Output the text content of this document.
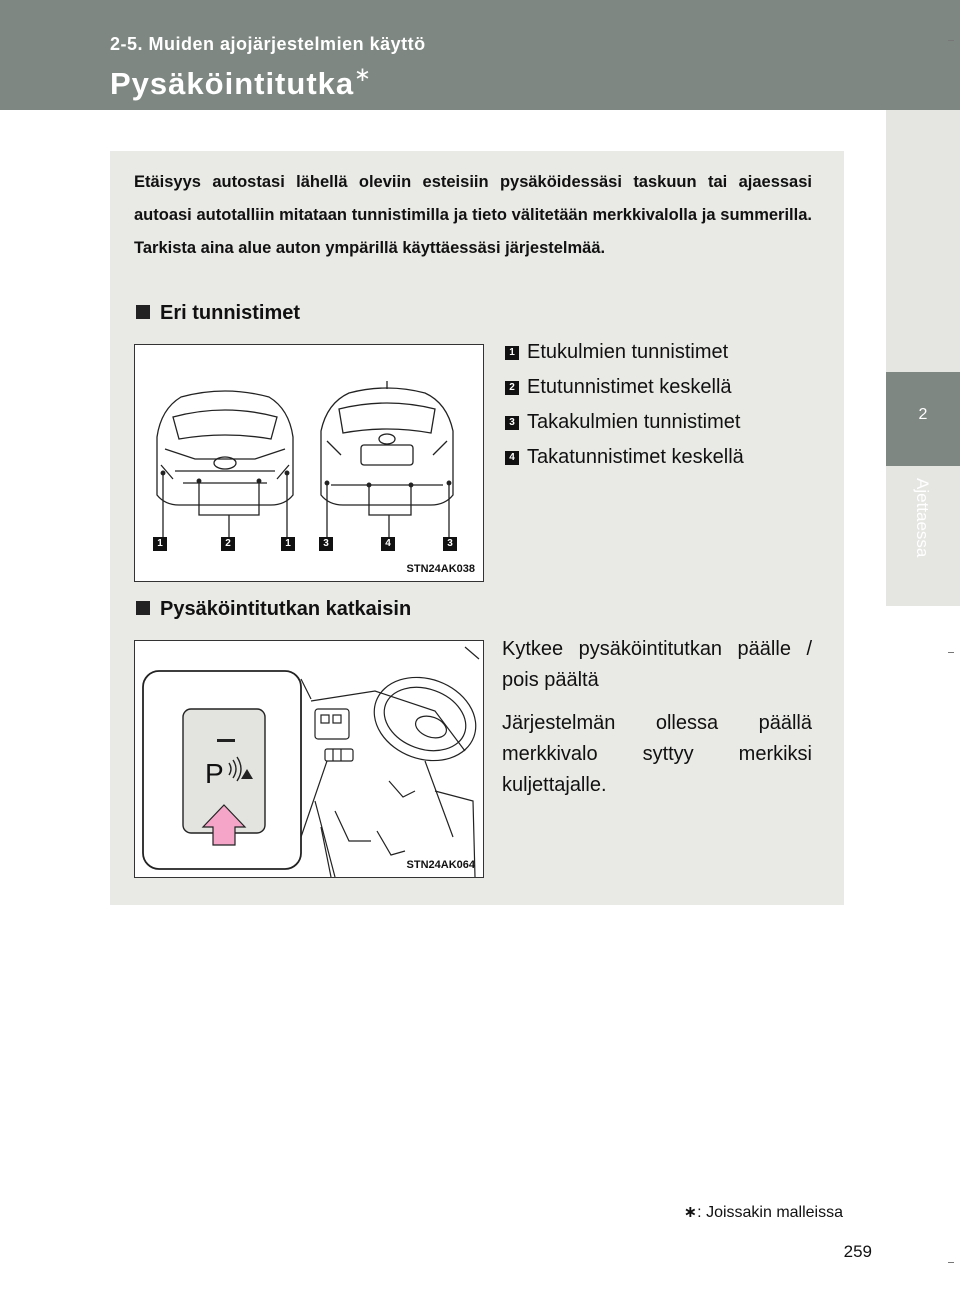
2-5. Muiden ajojärjestelmien käyttö
Pysäköintitutka∗
2
Ajettaessa
Etäisyys autostasi lähellä oleviin esteisiin pysäköidessäsi taskuun tai ajaessasi autoasi autotalliin mitataan tunnistimilla ja tieto välitetään merkkivalolla ja summerilla. Tarkista aina alue auton ympärillä käyttäessäsi järjestelmää.
Eri tunnistimet
1	2	1	3	4	3
STN24AK038
1 Etukulmien tunnistimet
2 Etutunnistimet keskellä
3 Takakulmien tunnistimet
4 Takatunnistimet keskellä
Pysäköintitutkan katkaisin
P
STN24AK064
Kytkee pysäköintitutkan päälle / pois päältä
Järjestelmän ollessa päällä merkkivalo syttyy merkiksi kuljettajalle.
∗: Joissakin malleissa
259
